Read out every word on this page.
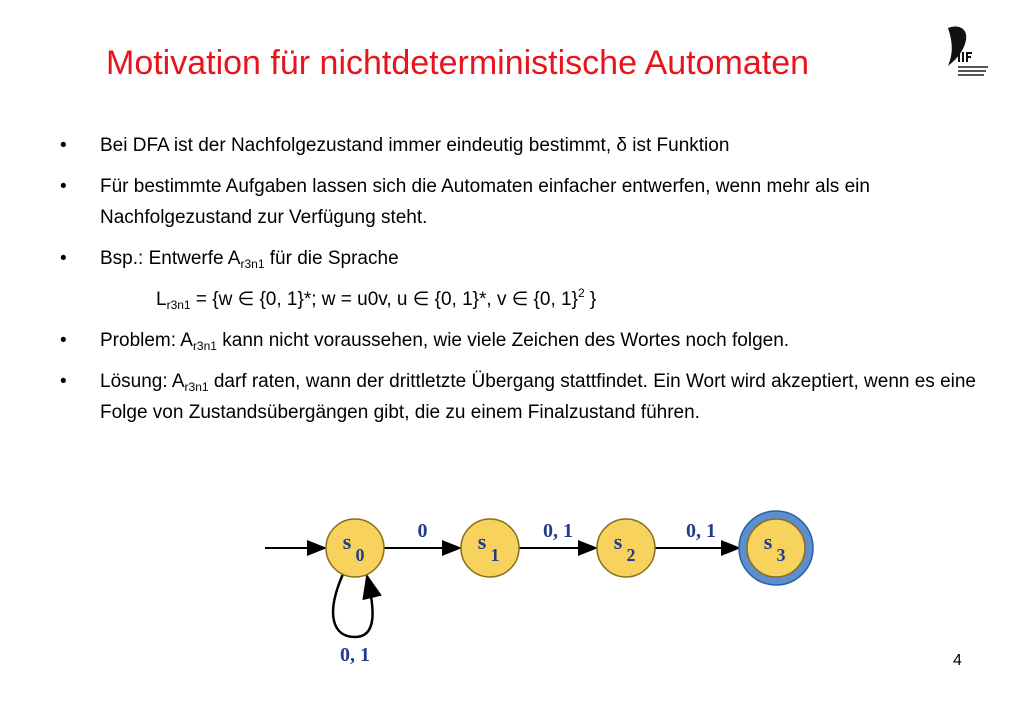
Motivation für nichtdeterministische Automaten
• Bei DFA ist der Nachfolgezustand immer eindeutig bestimmt, δ ist Funktion
• Für bestimmte Aufgaben lassen sich die Automaten einfacher entwerfen, wenn mehr als ein Nachfolgezustand zur Verfügung steht.
• Bsp.: Entwerfe $A_{r3n1}$ für die Sprache
$L_{r3n1} = \{w$ ∈ {0, 1}*; w = u0v, u ∈ {0, 1}*, v ∈ {0, 1}$^2$ }
• Problem: $A_{r3n1}$ kann nicht voraussehen, wie viele Zeichen des Wortes noch folgen.
• Lösung: $A_{r3n1}$ darf raten, wann der drittletzte Übergang stattfindet. Ein Wort wird akzeptiert, wenn es eine Folge von Zustandsübergängen gibt, die zu einem Finalzustand führen.
0	0, 1	0, 1
0, 1
s
0
s
1
s
2
s
3
4
